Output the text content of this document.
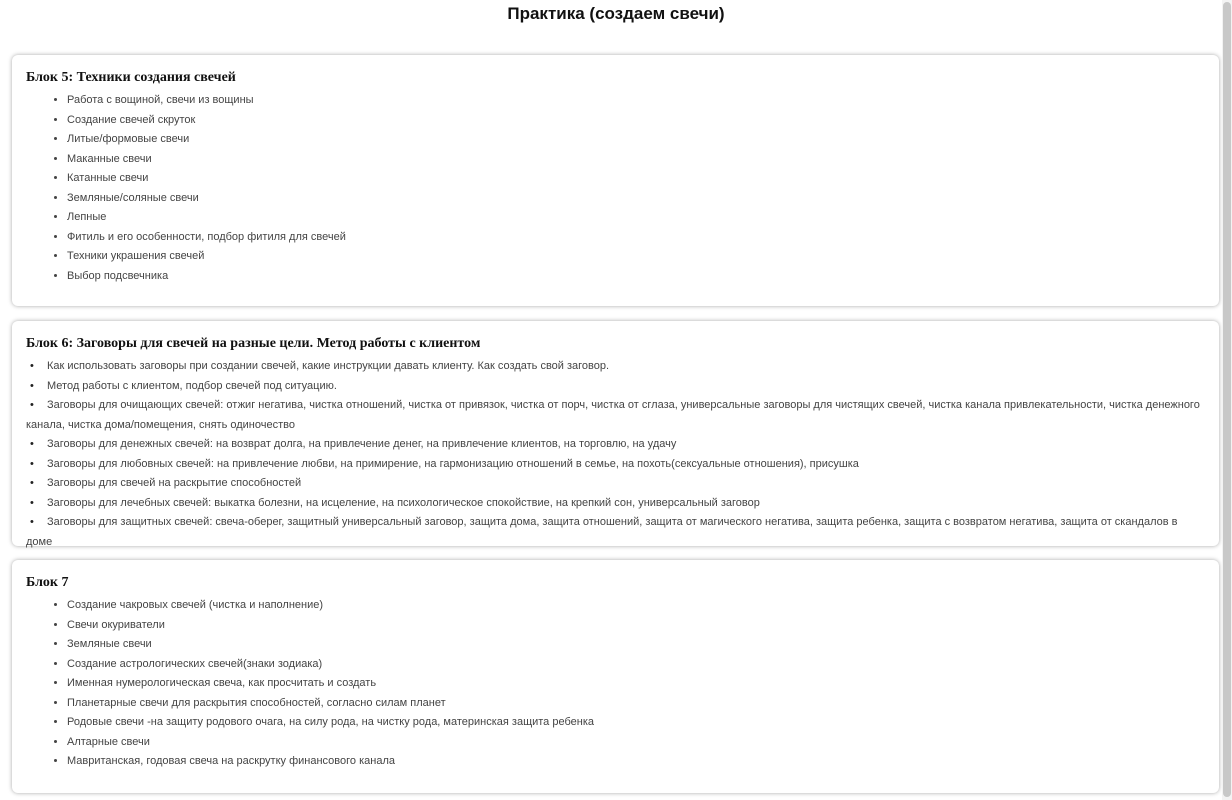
Практика (создаем свечи)
Блок 5: Техники создания свечей
• Работа с вощиной, свечи из вощины
• Создание свечей скруток
• Литые/формовые свечи
• Маканные свечи
• Катанные свечи
• Земляные/соляные свечи
• Лепные
• Фитиль и его особенности, подбор фитиля для свечей
• Техники украшения свечей
• Выбор подсвечника
Блок 6: Заговоры для свечей на разные цели. Метод работы с клиентом

• Как использовать заговоры при создании свечей, какие инструкции давать клиенту. Как создать свой заговор.

• Метод работы с клиентом, подбор свечей под ситуацию.

• Заговоры для очищающих свечей: отжиг негатива, чистка отношений, чистка от привязок, чистка от порч, чистка от сглаза, универсальные заговоры для чистящих свечей, чистка канала привлекательности, чистка денежного канала, чистка дома/помещения, снять одиночество

• Заговоры для денежных свечей: на возврат долга, на привлечение денег, на привлечение клиентов, на торговлю, на удачу

• Заговоры для любовных свечей: на привлечение любви, на примирение, на гармонизацию отношений в семье, на похоть(сексуальные отношения), присушка

• Заговоры для свечей на раскрытие способностей

• Заговоры для лечебных свечей: выкатка болезни, на исцеление, на психологическое спокойствие, на крепкий сон, универсальный заговор

• Заговоры для защитных свечей: свеча-оберег, защитный универсальный заговор, защита дома, защита отношений, защита от магического негатива, защита ребенка, защита с возвратом негатива, защита от скандалов в доме

Блок 7
• Создание чакровых свечей (чистка и наполнение)
• Свечи окуриватели
• Земляные свечи
• Создание астрологических свечей(знаки зодиака)
• Именная нумерологическая свеча, как просчитать и создать
• Планетарные свечи для раскрытия способностей, согласно силам планет
• Родовые свечи -на защиту родового очага, на силу рода, на чистку рода, материнская защита ребенка
• Алтарные свечи
• Мавританская, годовая свеча на раскрутку финансового канала
